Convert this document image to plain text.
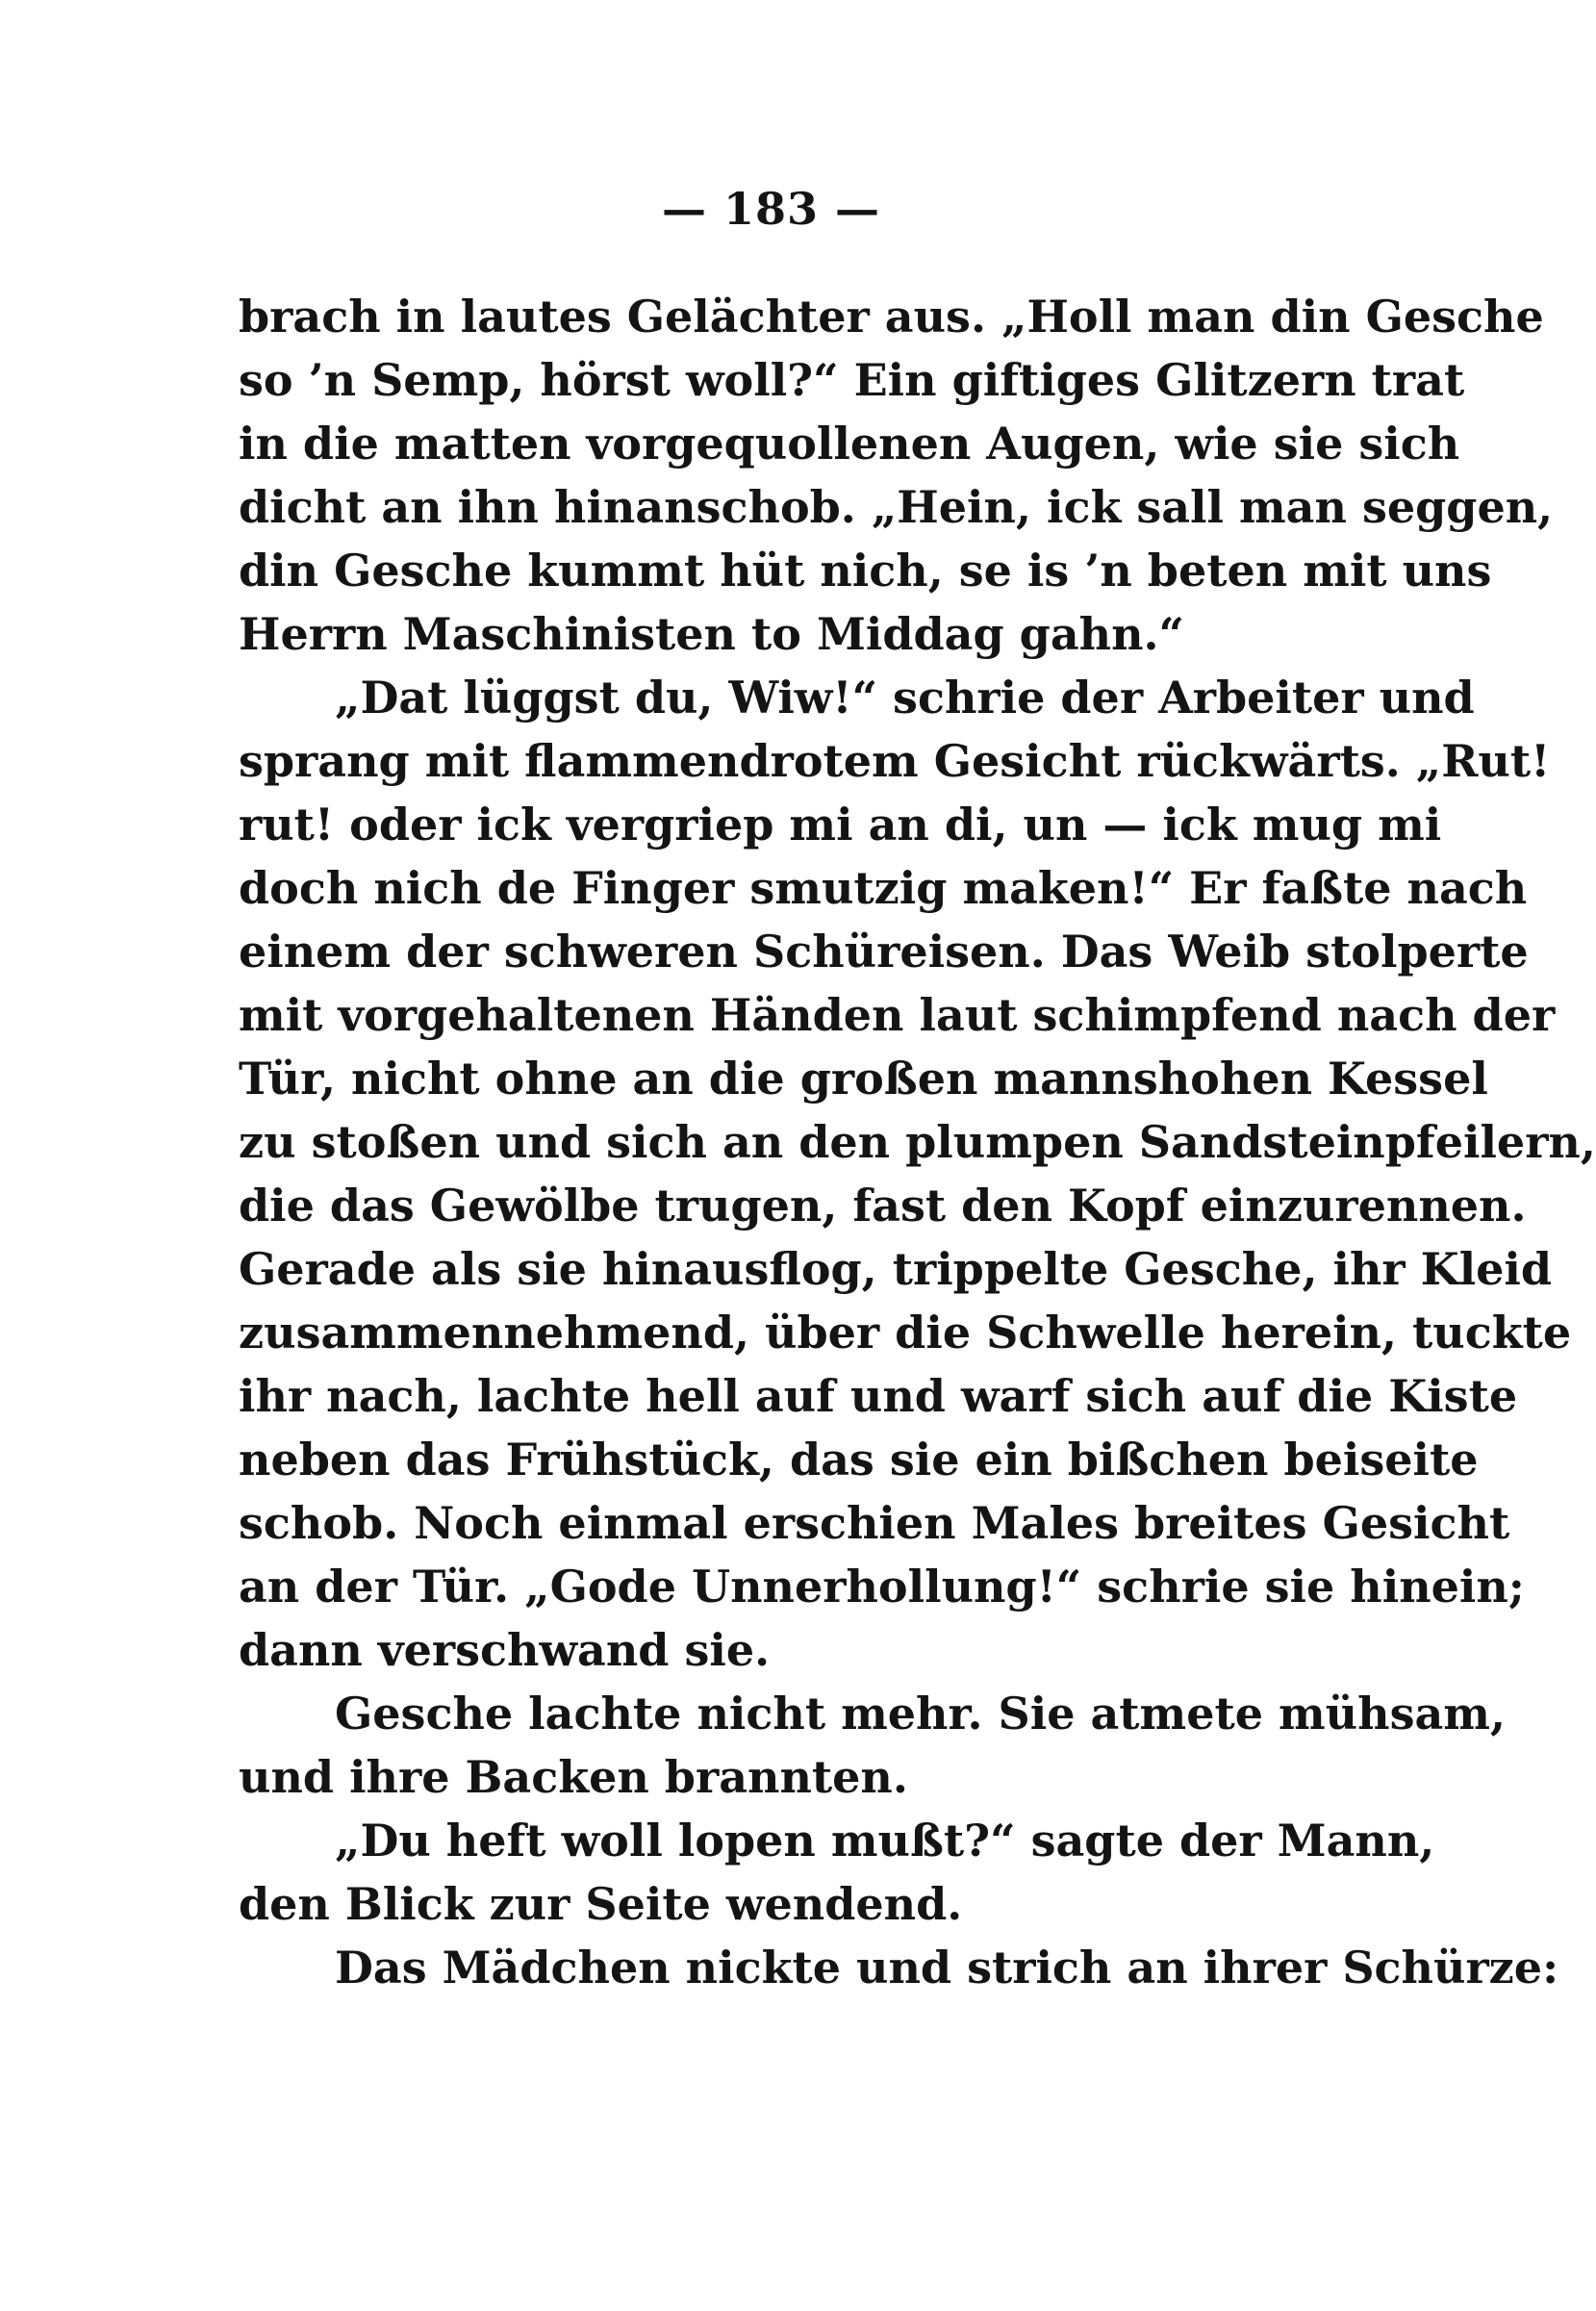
— 183 —
brach in lautes Gelächter aus. „Holl man din Gesche
so ’n Semp, hörst woll?“ Ein giftiges Glitzern trat
in die matten vorgequollenen Augen, wie sie sich
dicht an ihn hinanschob. „Hein, ick sall man seggen,
din Gesche kummt hüt nich, se is ’n beten mit uns
Herrn Maschinisten to Middag gahn.“
„Dat lüggst du, Wiw!“ schrie der Arbeiter und
sprang mit flammendrotem Gesicht rückwärts. „Rut!
rut! oder ick vergriep mi an di, un — ick mug mi
doch nich de Finger smutzig maken!“ Er faßte nach
einem der schweren Schüreisen. Das Weib stolperte
mit vorgehaltenen Händen laut schimpfend nach der
Tür, nicht ohne an die großen mannshohen Kessel
zu stoßen und sich an den plumpen Sandsteinpfeilern,
die das Gewölbe trugen, fast den Kopf einzurennen.
Gerade als sie hinausflog, trippelte Gesche, ihr Kleid
zusammennehmend, über die Schwelle herein, tuckte
ihr nach, lachte hell auf und warf sich auf die Kiste
neben das Frühstück, das sie ein bißchen beiseite
schob. Noch einmal erschien Males breites Gesicht
an der Tür. „Gode Unnerhollung!“ schrie sie hinein;
dann verschwand sie.
Gesche lachte nicht mehr. Sie atmete mühsam,
und ihre Backen brannten.
„Du heft woll lopen mußt?“ sagte der Mann,
den Blick zur Seite wendend.
Das Mädchen nickte und strich an ihrer Schürze:
